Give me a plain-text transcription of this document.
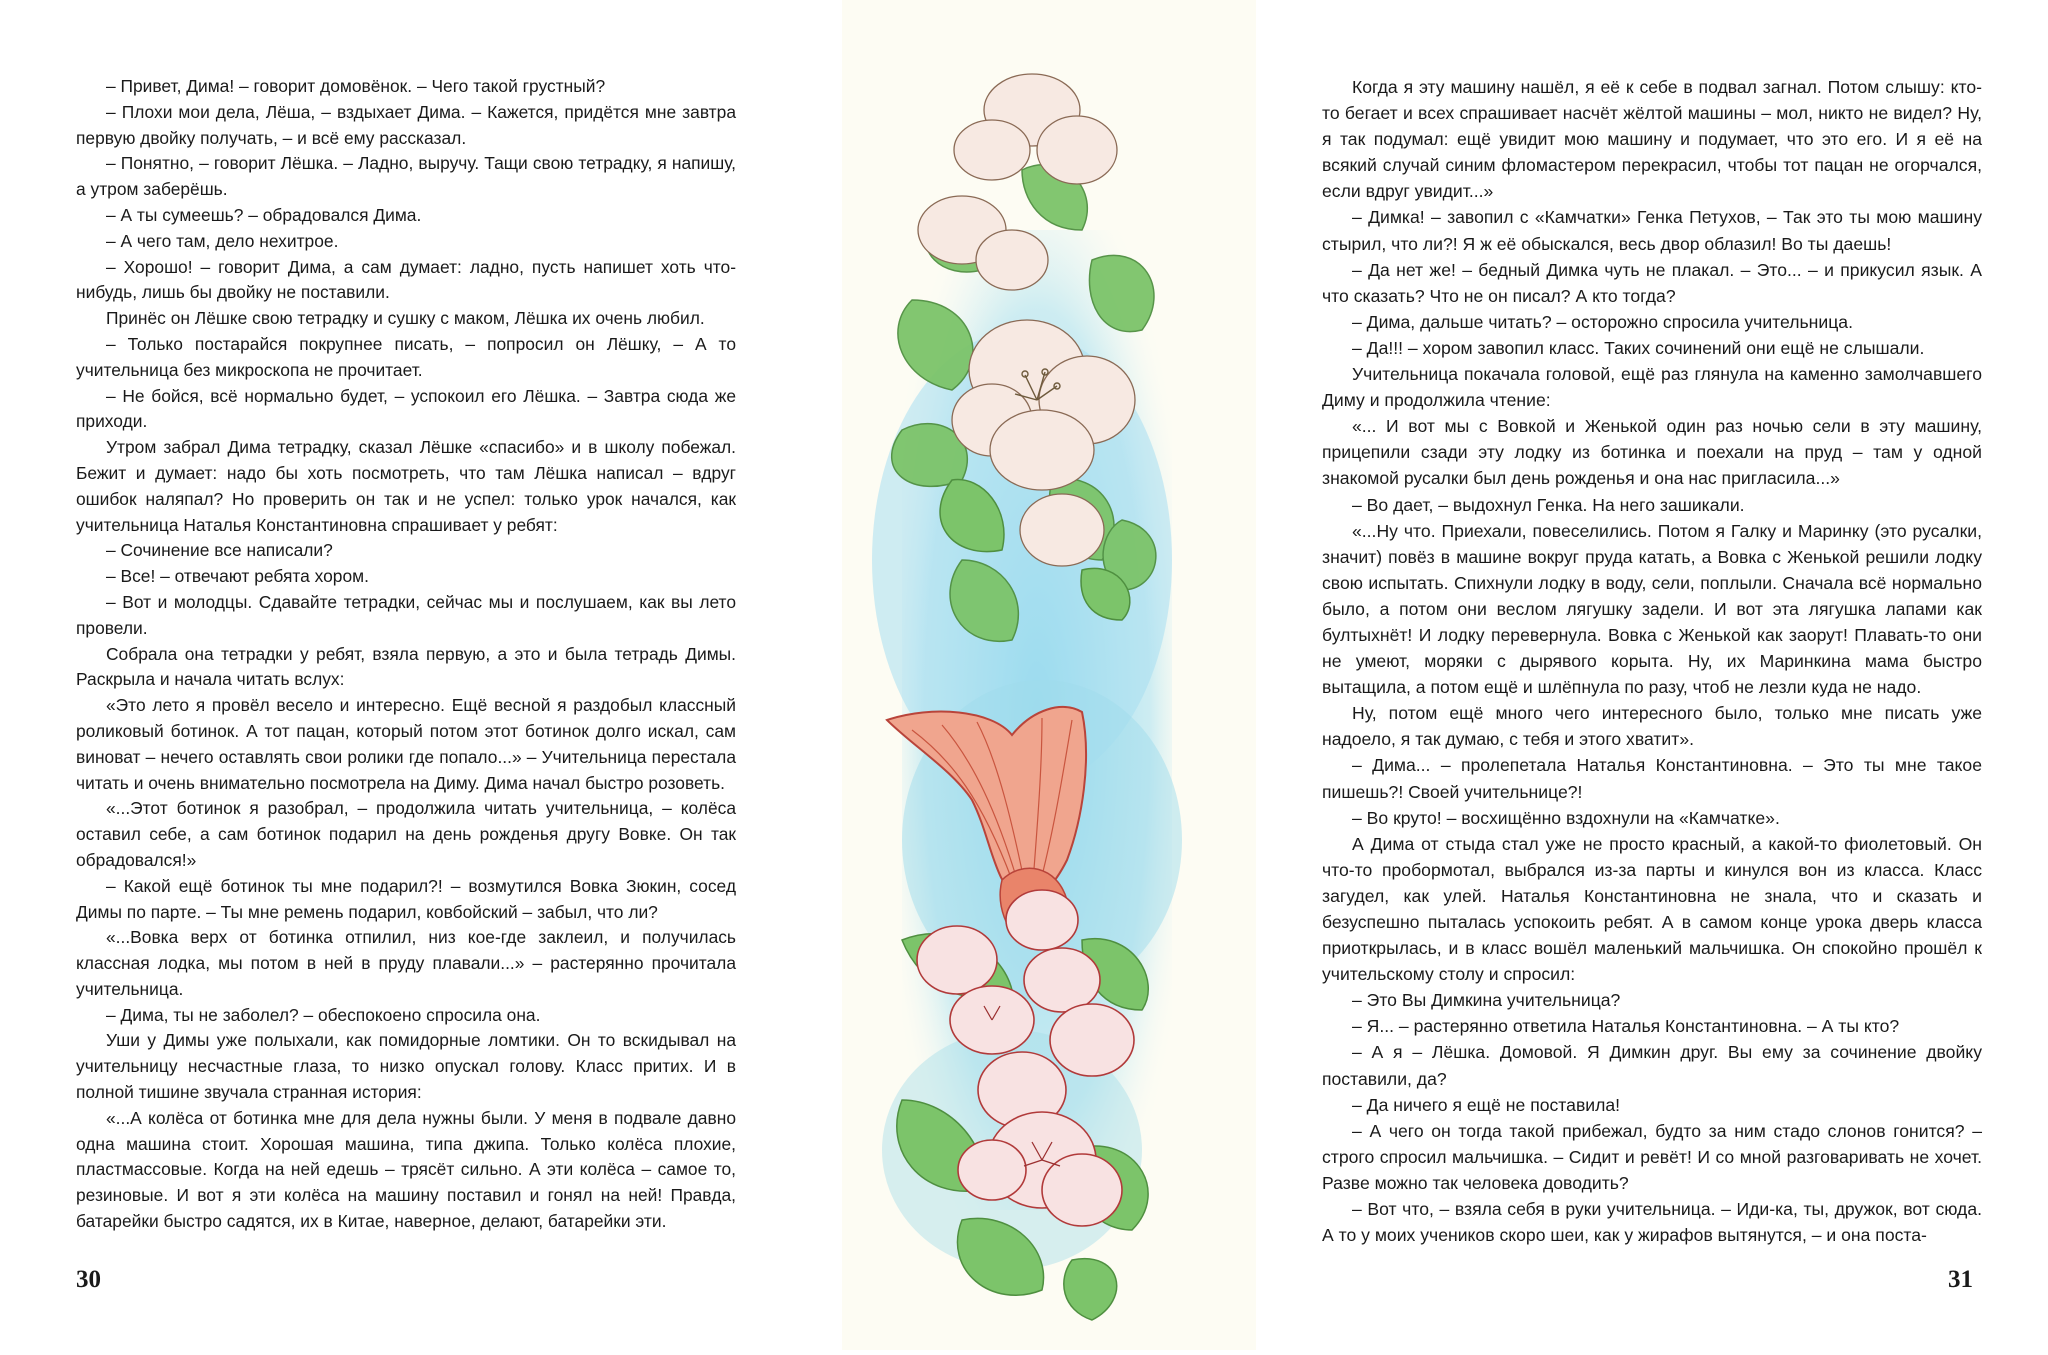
– Привет, Дима! – говорит домовёнок. – Чего такой грустный?

– Плохи мои дела, Лёша, – вздыхает Дима. – Кажется, придётся мне завтра первую двойку получать, – и всё ему рассказал.

– Понятно, – говорит Лёшка. – Ладно, выручу. Тащи свою тетрадку, я напишу, а утром заберёшь.

– А ты сумеешь? – обрадовался Дима.

– А чего там, дело нехитрое.

– Хорошо! – говорит Дима, а сам думает: ладно, пусть напишет хоть что-нибудь, лишь бы двойку не поставили.

Принёс он Лёшке свою тетрадку и сушку с маком, Лёшка их очень любил.

– Только постарайся покрупнее писать, – попросил он Лёшку, – А то учительница без микроскопа не прочитает.

– Не бойся, всё нормально будет, – успокоил его Лёшка. – Завтра сюда же приходи.

Утром забрал Дима тетрадку, сказал Лёшке «спасибо» и в школу побежал. Бежит и думает: надо бы хоть посмотреть, что там Лёшка написал – вдруг ошибок наляпал? Но проверить он так и не успел: только урок начался, как учительница Наталья Константиновна спрашивает у ребят:

– Сочинение все написали?

– Все! – отвечают ребята хором.

– Вот и молодцы. Сдавайте тетрадки, сейчас мы и послушаем, как вы лето провели.

Собрала она тетрадки у ребят, взяла первую, а это и была тетрадь Димы. Раскрыла и начала читать вслух:

«Это лето я провёл весело и интересно. Ещё весной я раздобыл классный роликовый ботинок. А тот пацан, который потом этот ботинок долго искал, сам виноват – нечего оставлять свои ролики где попало...» – Учительница перестала читать и очень внимательно посмотрела на Диму. Дима начал быстро розоветь.

«...Этот ботинок я разобрал, – продолжила читать учительница, – колёса оставил себе, а сам ботинок подарил на день рожденья другу Вовке. Он так обрадовался!»

– Какой ещё ботинок ты мне подарил?! – возмутился Вовка Зюкин, сосед Димы по парте. – Ты мне ремень подарил, ковбойский – забыл, что ли?

«...Вовка верх от ботинка отпилил, низ кое-где заклеил, и получилась классная лодка, мы потом в ней в пруду плавали...» – растерянно прочитала учительница.

– Дима, ты не заболел? – обеспокоено спросила она.

Уши у Димы уже полыхали, как помидорные ломтики. Он то вскидывал на учительницу несчастные глаза, то низко опускал голову. Класс притих. И в полной тишине звучала странная история:

«...А колёса от ботинка мне для дела нужны были. У меня в подвале давно одна машина стоит. Хорошая машина, типа джипа. Только колёса плохие, пластмассовые. Когда на ней едешь – трясёт сильно. А эти колёса – самое то, резиновые. И вот я эти колёса на машину поставил и гонял на ней! Правда, батарейки быстро садятся, их в Китае, наверное, делают, батарейки эти.

30

Когда я эту машину нашёл, я её к себе в подвал загнал. Потом слышу: кто-то бегает и всех спрашивает насчёт жёлтой машины – мол, никто не видел? Ну, я так подумал: ещё увидит мою машину и подумает, что это его. И я её на всякий случай синим фломастером перекрасил, чтобы тот пацан не огорчался, если вдруг увидит...»

– Димка! – завопил с «Камчатки» Генка Петухов, – Так это ты мою машину стырил, что ли?! Я ж её обыскался, весь двор облазил! Во ты даешь!

– Да нет же! – бедный Димка чуть не плакал. – Это... – и прикусил язык. А что сказать? Что не он писал? А кто тогда?

– Дима, дальше читать? – осторожно спросила учительница.

– Да!!! – хором завопил класс. Таких сочинений они ещё не слышали.

Учительница покачала головой, ещё раз глянула на каменно замолчавшего Диму и продолжила чтение:

«... И вот мы с Вовкой и Женькой один раз ночью сели в эту машину, прицепили сзади эту лодку из ботинка и поехали на пруд – там у одной знакомой русалки был день рожденья и она нас пригласила...»

– Во дает, – выдохнул Генка. На него зашикали.

«...Ну что. Приехали, повеселились. Потом я Галку и Маринку (это русалки, значит) повёз в машине вокруг пруда катать, а Вовка с Женькой решили лодку свою испытать. Спихнули лодку в воду, сели, поплыли. Сначала всё нормально было, а потом они веслом лягушку задели. И вот эта лягушка лапами как бултыхнёт! И лодку перевернула. Вовка с Женькой как заорут! Плавать-то они не умеют, моряки с дырявого корыта. Ну, их Маринкина мама быстро вытащила, а потом ещё и шлёпнула по разу, чтоб не лезли куда не надо.

Ну, потом ещё много чего интересного было, только мне писать уже надоело, я так думаю, с тебя и этого хватит».

– Дима... – пролепетала Наталья Константиновна. – Это ты мне такое пишешь?! Своей учительнице?!

– Во круто! – восхищённо вздохнули на «Камчатке».

А Дима от стыда стал уже не просто красный, а какой-то фиолетовый. Он что-то пробормотал, выбрался из-за парты и кинулся вон из класса. Класс загудел, как улей. Наталья Константиновна не знала, что и сказать и безуспешно пыталась успокоить ребят. А в самом конце урока дверь класса приоткрылась, и в класс вошёл маленький мальчишка. Он спокойно прошёл к учительскому столу и спросил:

– Это Вы Димкина учительница?

– Я... – растерянно ответила Наталья Константиновна. – А ты кто?

– А я – Лёшка. Домовой. Я Димкин друг. Вы ему за сочинение двойку поставили, да?

– Да ничего я ещё не поставила!

– А чего он тогда такой прибежал, будто за ним стадо слонов гонится? – строго спросил мальчишка. – Сидит и ревёт! И со мной разговаривать не хочет. Разве можно так человека доводить?

– Вот что, – взяла себя в руки учительница. – Иди-ка, ты, дружок, вот сюда. А то у моих учеников скоро шеи, как у жирафов вытянутся, – и она поста-

31
